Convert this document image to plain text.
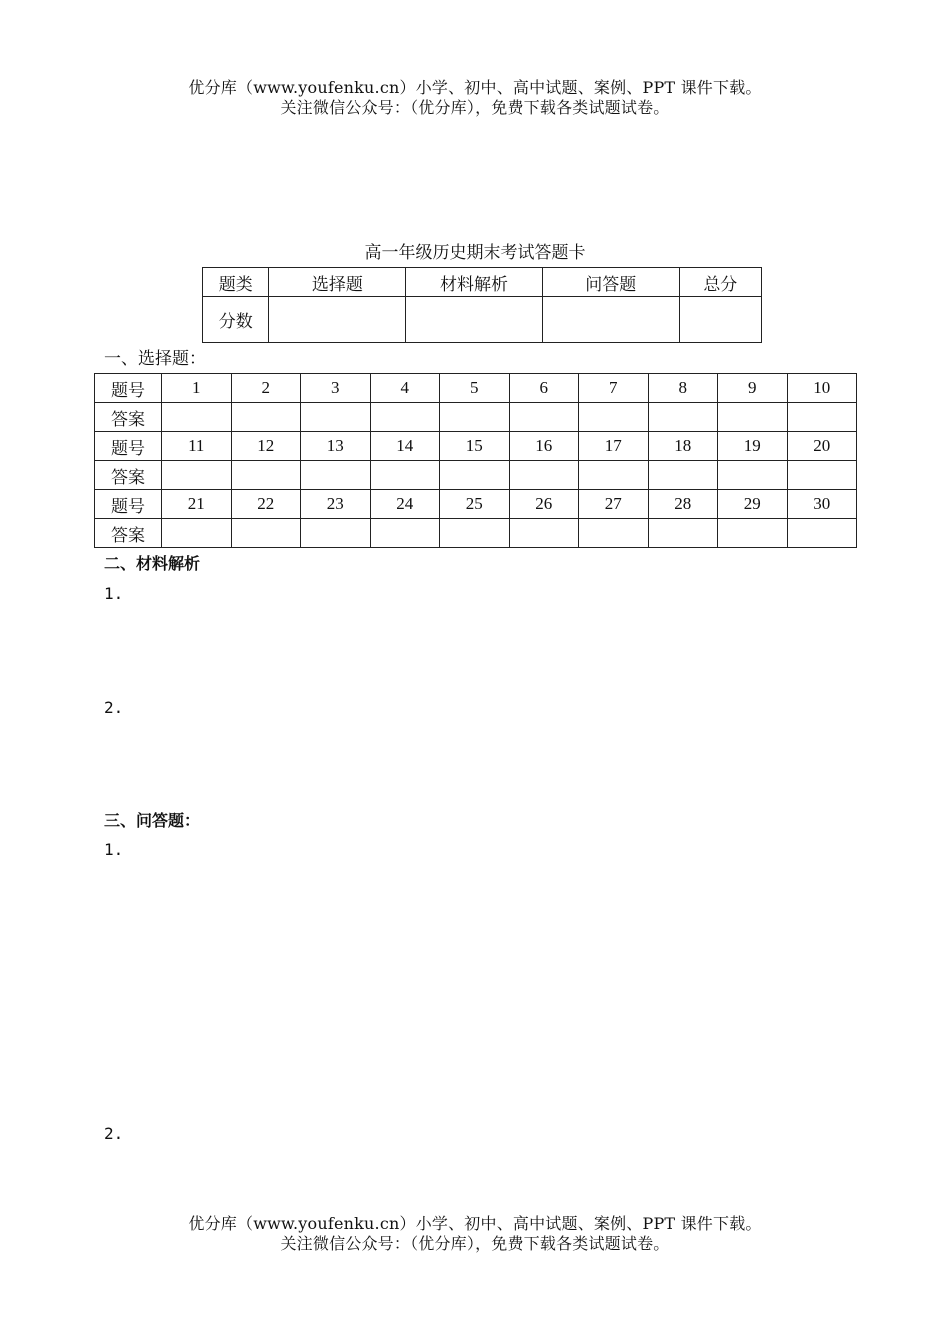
优分库（www.youfenku.cn）小学、初中、高中试题、案例、PPT 课件下载。
关注微信公众号：（优分库），免费下载各类试题试卷。
高一年级历史期末考试答题卡
题类	选择题	材料解析	问答题	总分
分数				
一、选择题：
题号	1	2	3	4	5	6	7	8	9	10
答案										
题号	11	12	13	14	15	16	17	18	19	20
答案										
题号	21	22	23	24	25	26	27	28	29	30
答案										
二、材料解析
1.
2.
三、问答题：
1.
2.
优分库（www.youfenku.cn）小学、初中、高中试题、案例、PPT 课件下载。
关注微信公众号：（优分库），免费下载各类试题试卷。
